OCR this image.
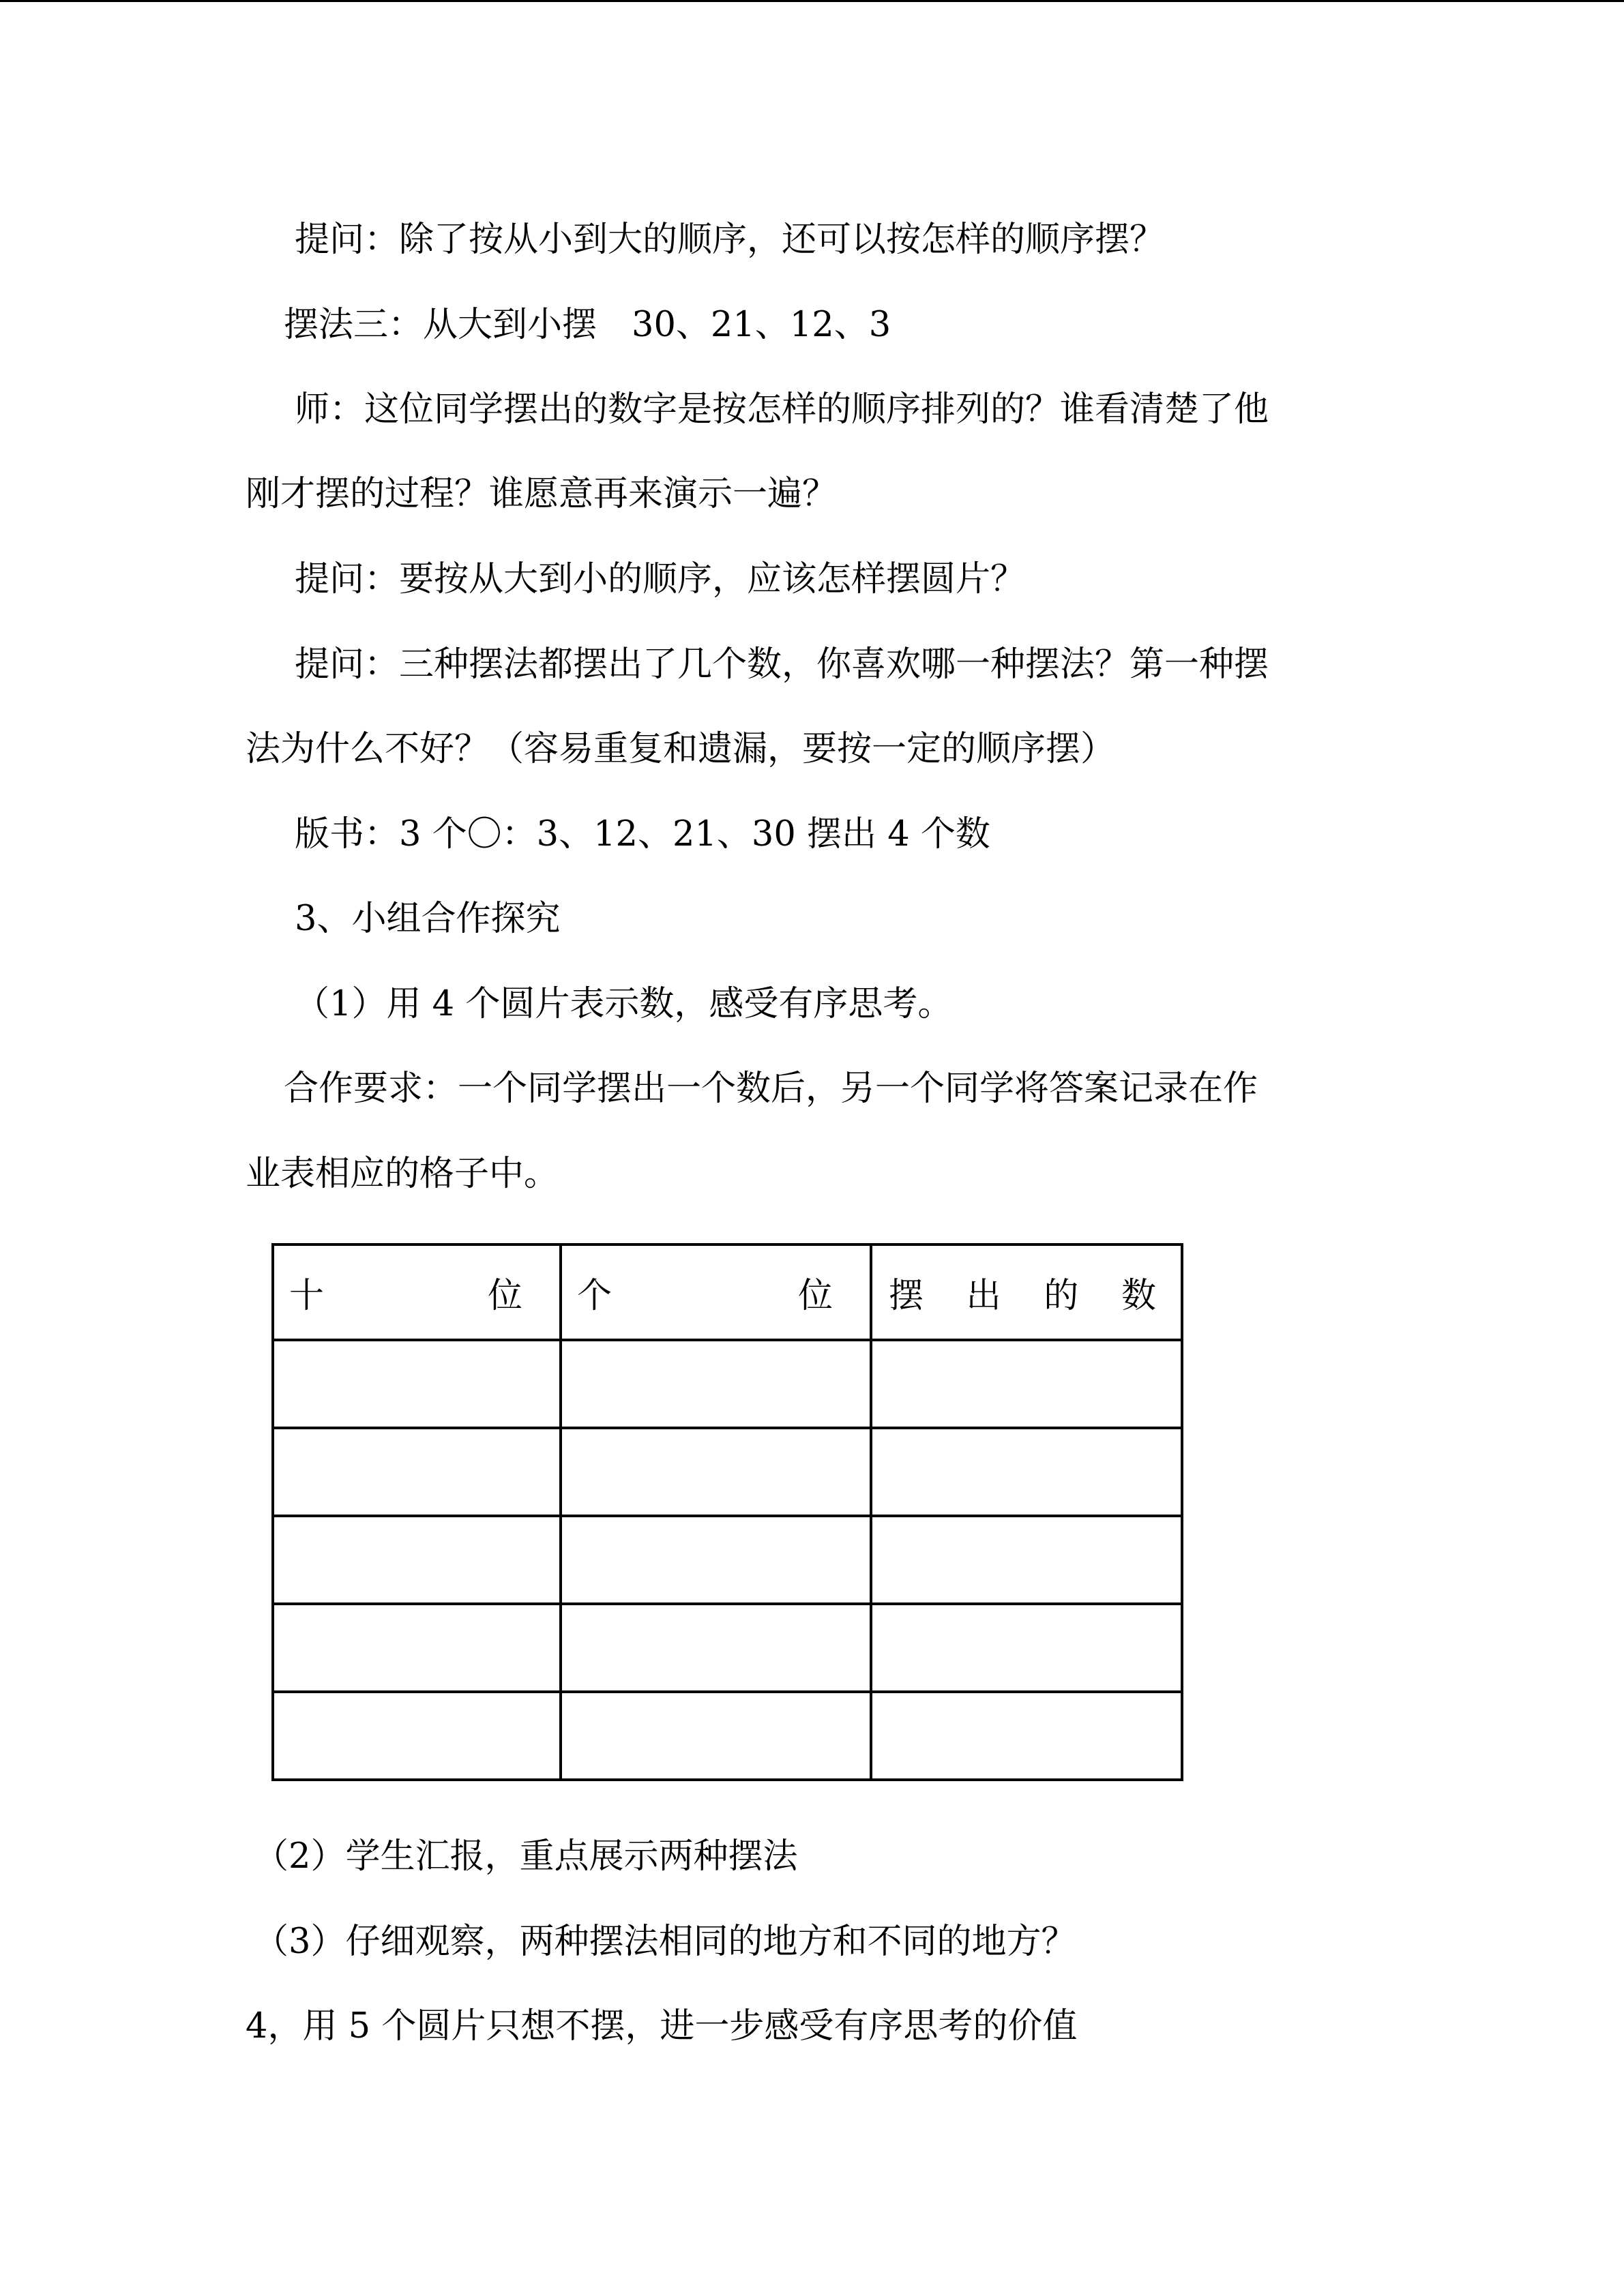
提问：除了按从小到大的顺序，还可以按怎样的顺序摆？

摆法三：从大到小摆　30、21、12、3

师：这位同学摆出的数字是按怎样的顺序排列的？谁看清楚了他

刚才摆的过程？谁愿意再来演示一遍？

提问：要按从大到小的顺序，应该怎样摆圆片？

提问：三种摆法都摆出了几个数，你喜欢哪一种摆法？第一种摆

法为什么不好？（容易重复和遗漏，要按一定的顺序摆）

版书：3 个〇：3、12、21、30 摆出 4 个数

3、小组合作探究

（1）用 4 个圆片表示数，感受有序思考。

合作要求：一个同学摆出一个数后，另一个同学将答案记录在作

业表相应的格子中。

十 位	个 位	摆 出 的 数

（2）学生汇报，重点展示两种摆法

（3）仔细观察，两种摆法相同的地方和不同的地方？

4，用 5 个圆片只想不摆，进一步感受有序思考的价值
